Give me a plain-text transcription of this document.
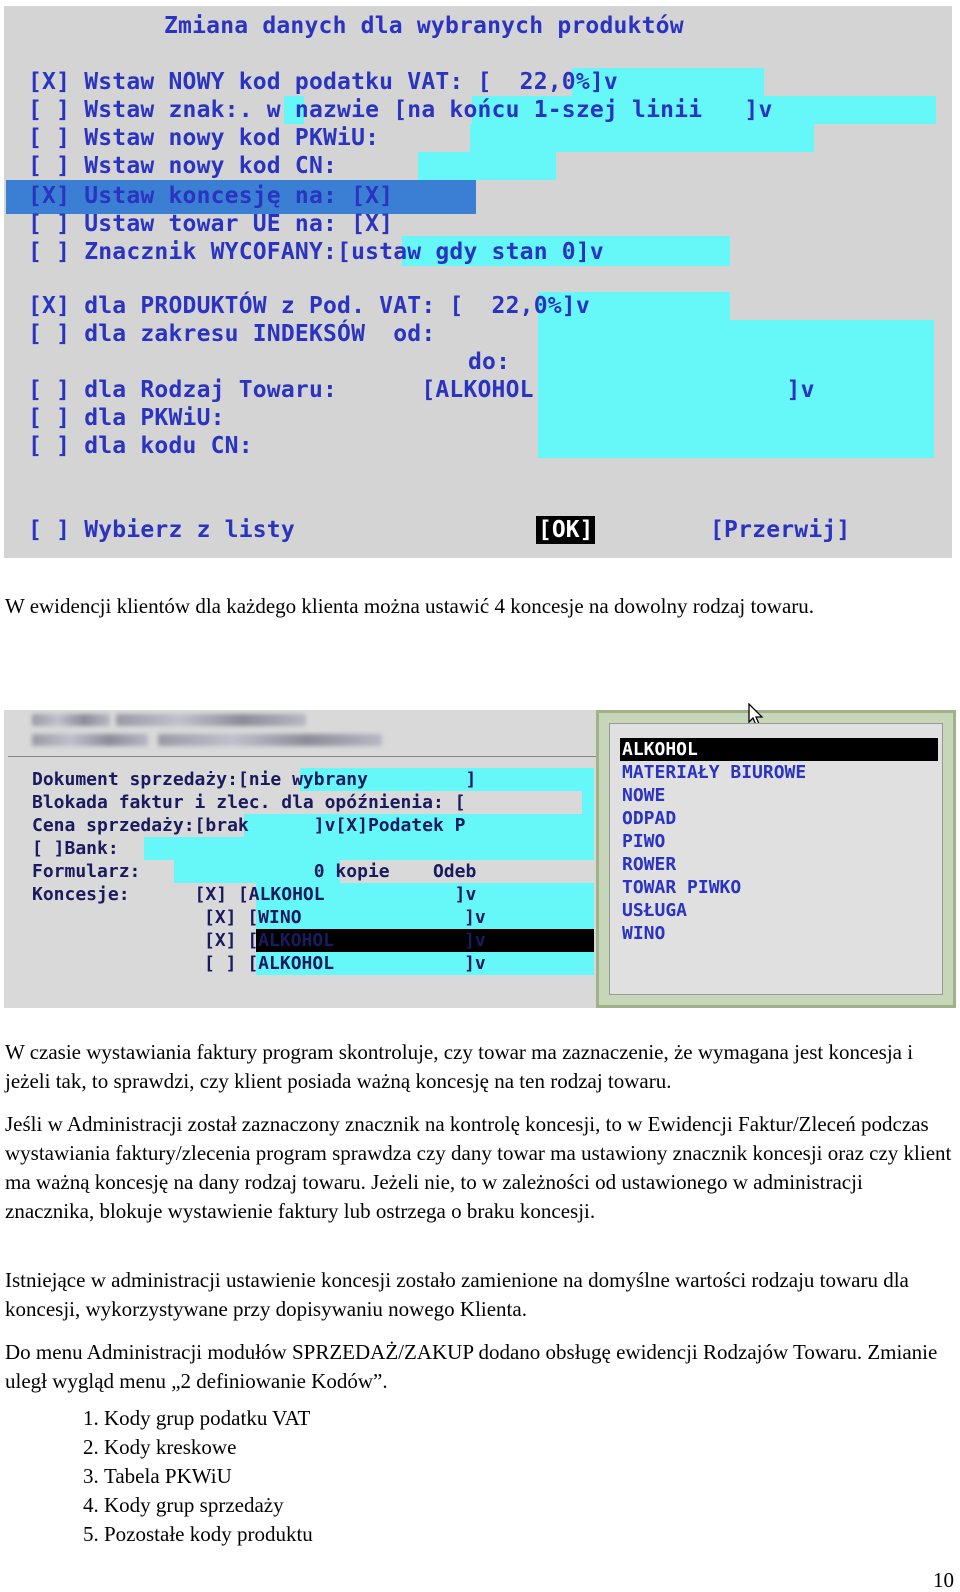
Zmiana danych dla wybranych produktów
[X] Wstaw NOWY kod podatku VAT: [  22,0%]v
[ ] Wstaw znak:. w nazwie [na końcu 1-szej linii   ]v
[ ] Wstaw nowy kod PKWiU:
[ ] Wstaw nowy kod CN:
[X] Ustaw koncesję na: [X]
[ ] Ustaw towar UE na: [X]
[ ] Znacznik WYCOFANY:[ustaw gdy stan 0]v
[X] dla PRODUKTÓW z Pod. VAT: [  22,0%]v
[ ] dla zakresu INDEKSÓW  od:
do:
[ ] dla Rodzaj Towaru:      [ALKOHOL                  ]v
[ ] dla PKWiU:
[ ] dla kodu CN:
[ ] Wybierz z listy	[OK]	[Przerwij]
W ewidencji klientów dla każdego klienta można ustawić 4 koncesje na dowolny rodzaj towaru.
Dokument sprzedaży:[nie wybrany         ]
Blokada faktur i zlec. dla opóźnienia: [
Cena sprzedaży:[brak      ]v[X]Podatek P
[ ]Bank:
Formularz:                0 kopie    Odeb
Koncesje:      [X] [ALKOHOL            ]v
[X] [WINO               ]v
[X] [ALKOHOL            ]v
[ ] [ALKOHOL            ]v
ALKOHOL
MATERIAŁY BIUROWE
NOWE
ODPAD
PIWO
ROWER
TOWAR PIWKO
USŁUGA
WINO
W czasie wystawiania faktury program skontroluje, czy towar ma zaznaczenie, że wymagana jest koncesja i jeżeli tak, to sprawdzi, czy klient posiada ważną koncesję na ten rodzaj towaru.
Jeśli w Administracji został zaznaczony znacznik na kontrolę koncesji, to w Ewidencji Faktur/Zleceń podczas wystawiania faktury/zlecenia program sprawdza czy dany towar ma ustawiony znacznik koncesji oraz czy klient ma ważną koncesję na dany rodzaj towaru. Jeżeli nie, to w zależności od ustawionego w administracji znacznika, blokuje wystawienie faktury lub ostrzega o braku koncesji.
Istniejące w administracji ustawienie koncesji zostało zamienione na domyślne wartości rodzaju towaru dla koncesji, wykorzystywane przy dopisywaniu nowego Klienta.
Do menu Administracji modułów SPRZEDAŻ/ZAKUP dodano obsługę ewidencji Rodzajów Towaru. Zmianie uległ wygląd menu „2 definiowanie Kodów”.
1. Kody grup podatku VAT
2. Kody kreskowe
3. Tabela PKWiU
4. Kody grup sprzedaży
5. Pozostałe kody produktu
10
